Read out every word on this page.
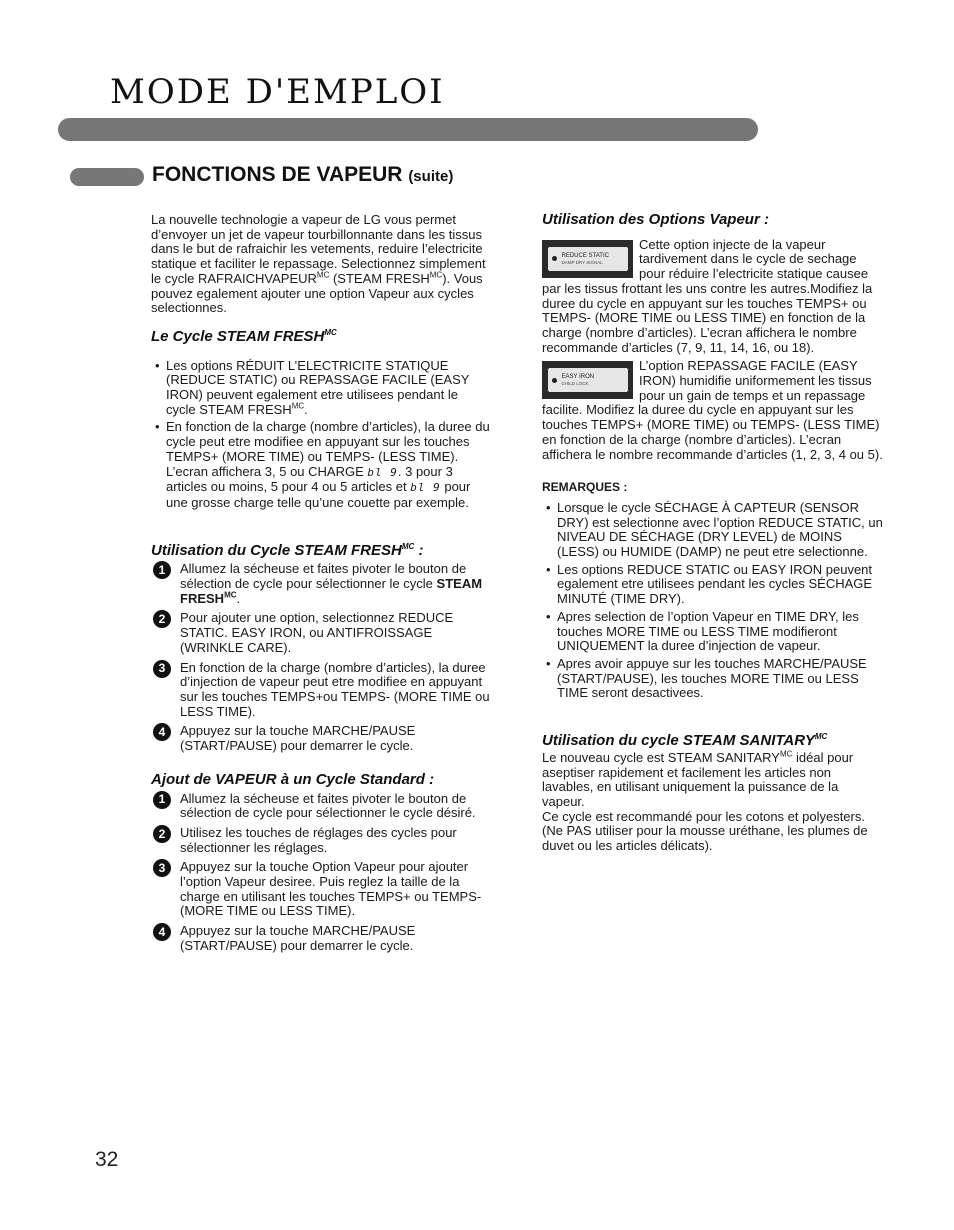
MODE D'EMPLOI
FONCTIONS DE VAPEUR (suite)

La nouvelle technologie a vapeur de LG vous permet d’envoyer un jet de vapeur tourbillonnante dans les tissus dans le but de rafraichir les vetements, reduire l’electricite statique et faciliter le repassage. Selectionnez simplement le cycle $RAFRAICHVAPEUR^{MC}$ (STEAM $FRESH^{MC}$). Vous pouvez egalement ajouter une option Vapeur aux cycles selectionnes.

Le Cycle STEAM $FRESH^{MC}$

• Les options RÉDUIT L’ELECTRICITE STATIQUE (REDUCE STATIC) ou REPASSAGE FACILE (EASY IRON) peuvent egalement etre utilisees pendant le cycle STEAM $FRESH^{MC}$.
• En fonction de la charge (nombre d’articles), la duree du cycle peut etre modifiee en appuyant sur les touches TEMPS+ (MORE TIME) ou TEMPS- (LESS TIME). L’ecran affichera 3, 5 ou CHARGE bl 9. 3 pour 3 articles ou moins, 5 pour 4 ou 5 articles et bl 9 pour une grosse charge telle qu’une couette par exemple.

Utilisation du Cycle STEAM $FRESH^{MC}$ :

1	Allumez la sécheuse et faites pivoter le bouton de sélection de cycle pour sélectionner le cycle STEAM $FRESH^{MC}$.
2	Pour ajouter une option, selectionnez REDUCE STATIC. EASY IRON, ou ANTIFROISSAGE (WRINKLE CARE).
3	En fonction de la charge (nombre d’articles), la duree d’injection de vapeur peut etre modifiee en appuyant sur les touches TEMPS+ou TEMPS- (MORE TIME ou LESS TIME).
4	Appuyez sur la touche MARCHE/PAUSE (START/PAUSE) pour demarrer le cycle.

Ajout de VAPEUR à un Cycle Standard :

1	Allumez la sécheuse et faites pivoter le bouton de sélection de cycle pour sélectionner le cycle désiré.
2	Utilisez les touches de réglages des cycles pour sélectionner les réglages.
3	Appuyez sur la touche Option Vapeur pour ajouter l’option Vapeur desiree. Puis reglez la taille de la charge en utilisant les touches TEMPS+ ou TEMPS- (MORE TIME ou LESS TIME).
4	Appuyez sur la touche MARCHE/PAUSE (START/PAUSE) pour demarrer le cycle.

Utilisation des Options Vapeur :

REDUCE STATIC
DAMP DRY SIGNAL

Cette option injecte de la vapeur tardivement dans le cycle de sechage pour réduire l’electricite statique causee par les tissus frottant les uns contre les autres.Modifiez la duree du cycle en appuyant sur les touches TEMPS+ ou TEMPS- (MORE TIME ou LESS TIME) en fonction de la charge (nombre d’articles). L’ecran affichera le nombre recommande d’articles (7, 9, 11, 14, 16, ou 18).

EASY IRON
CHILD LOCK

L’option REPASSAGE FACILE (EASY IRON) humidifie uniformement les tissus pour un gain de temps et un repassage facilite. Modifiez la duree du cycle en appuyant sur les touches TEMPS+ (MORE TIME) ou TEMPS- (LESS TIME) en fonction de la charge (nombre d’articles). L’ecran affichera le nombre recommande d’articles (1, 2, 3, 4 ou 5).

REMARQUES :

• Lorsque le cycle SÉCHAGE À CAPTEUR (SENSOR DRY) est selectionne avec l’option REDUCE STATIC, un NIVEAU DE SÉCHAGE (DRY LEVEL) de MOINS (LESS) ou HUMIDE (DAMP) ne peut etre selectionne.
• Les options REDUCE STATIC ou EASY IRON peuvent egalement etre utilisees pendant les cycles SÉCHAGE MINUTÉ (TIME DRY).
• Apres selection de l’option Vapeur en TIME DRY, les touches MORE TIME ou LESS TIME modifieront UNIQUEMENT la duree d’injection de vapeur.
• Apres avoir appuye sur les touches MARCHE/PAUSE (START/PAUSE), les touches MORE TIME ou LESS TIME seront desactivees.

Utilisation du cycle STEAM $SANITARY^{MC}$

Le nouveau cycle est STEAM $SANITARY^{MC}$ idéal pour aseptiser rapidement et facilement les articles non lavables, en utilisant uniquement la puissance de la vapeur.

Ce cycle est recommandé pour les cotons et polyesters.

(Ne PAS utiliser pour la mousse uréthane, les plumes de duvet ou les articles délicats).

32
